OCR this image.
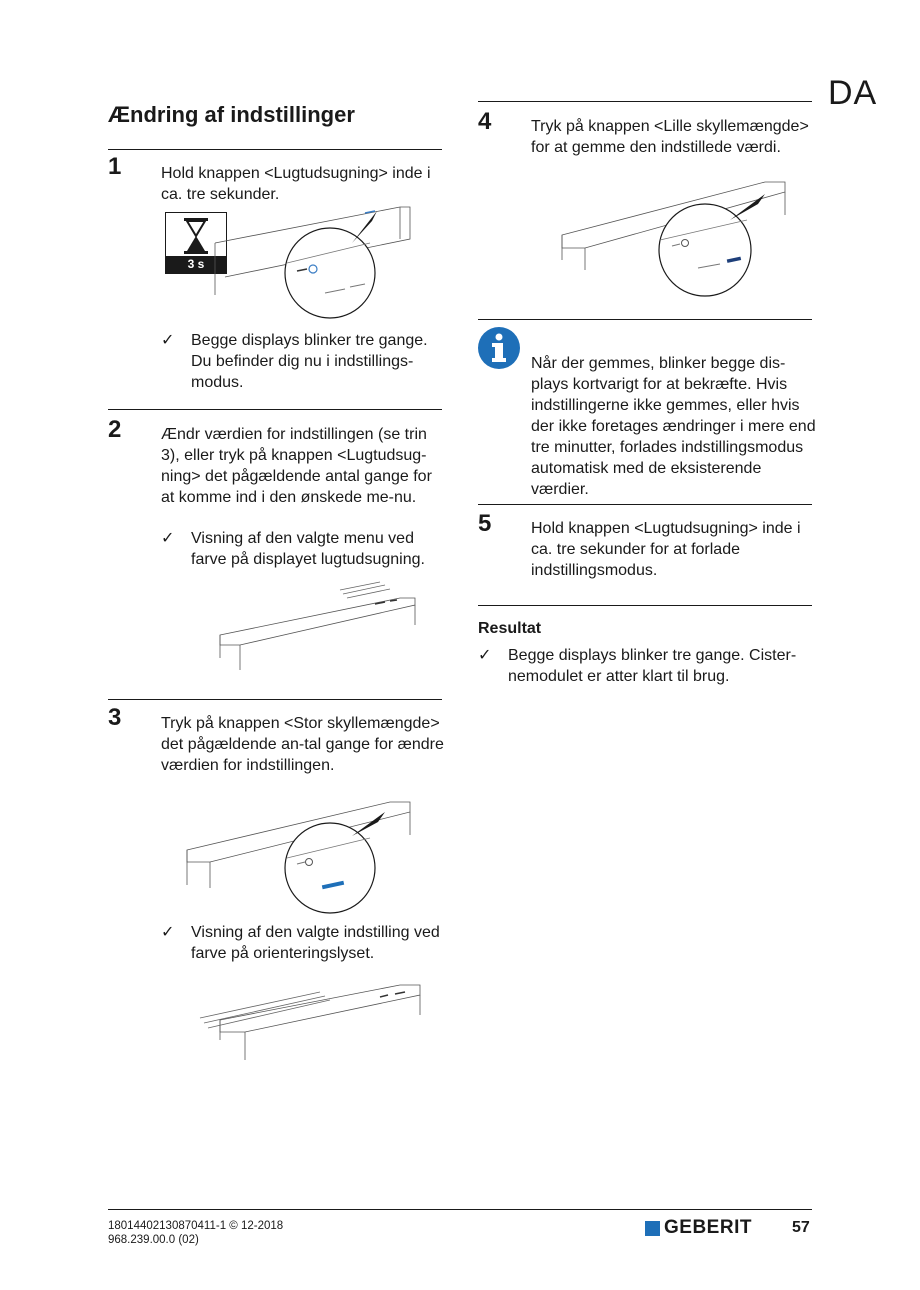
DA
Ændring af indstillinger
1 Hold knappen <Lugtudsugning> inde i ca. tre sekunder.
3 s
✓	Begge displays blinker tre gange. Du befinder dig nu i indstillings-modus.
2 Ændr værdien for indstillingen (se trin 3), eller tryk på knappen <Lugtudsug-ning> det pågældende antal gange for at komme ind i den ønskede me-nu.
✓	Visning af den valgte menu ved farve på displayet lugtudsugning.
3 Tryk på knappen <Stor skyllemængde> det pågældende an-tal gange for ændre værdien for indstillingen.
✓	Visning af den valgte indstilling ved farve på orienteringslyset.
4 Tryk på knappen <Lille skyllemængde> for at gemme den indstillede værdi.
Når der gemmes, blinker begge dis-plays kortvarigt for at bekræfte. Hvis indstillingerne ikke gemmes, eller hvis der ikke foretages ændringer i mere end tre minutter, forlades indstillingsmodus automatisk med de eksisterende værdier.
5 Hold knappen <Lugtudsugning> inde i ca. tre sekunder for at forlade indstillingsmodus.
Resultat
✓	Begge displays blinker tre gange. Cister-nemodulet er atter klart til brug.
18014402130870411-1 © 12-2018
968.239.00.0 (02)
GEBERIT	57
